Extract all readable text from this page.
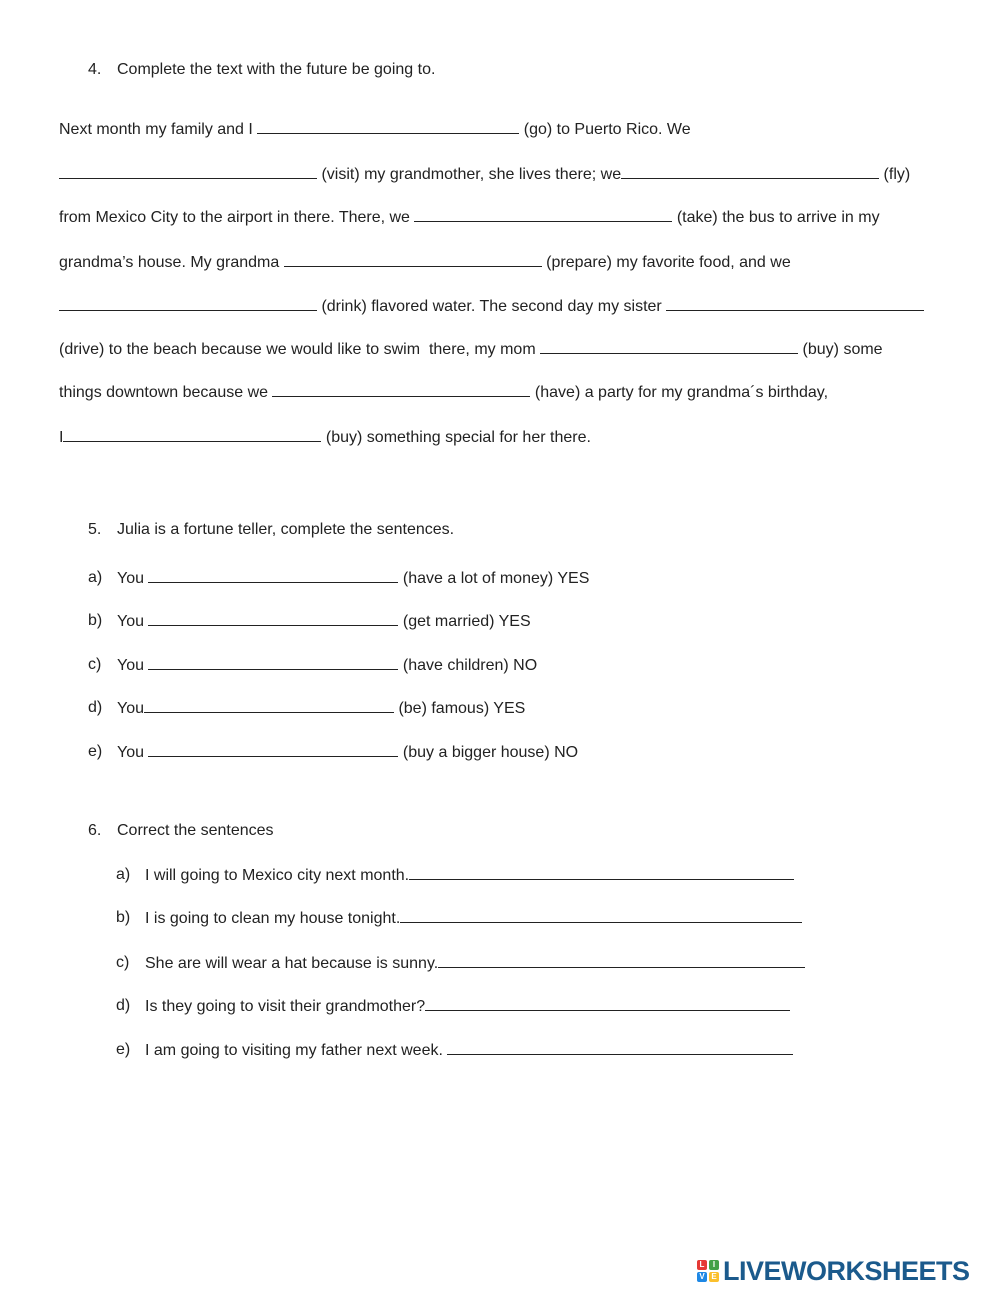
4. Complete the text with the future be going to.
Next month my family and I	(go) to Puerto Rico. We
(visit) my grandmother, she lives there; we	(fly)
from Mexico City to the airport in there. There, we	(take) the bus to arrive in my
grandma’s house. My grandma	(prepare) my favorite food, and we
(drink) flavored water. The second day my sister
(drive) to the beach because we would like to swim  there, my mom	(buy) some
things downtown because we	(have) a party for my grandma´s birthday,
I	(buy) something special for her there.
5. Julia is a fortune teller, complete the sentences.
a) You	(have a lot of money) YES
b) You	(get married) YES
c) You	(have children) NO
d) You	(be) famous) YES
e) You	(buy a bigger house) NO
6. Correct the sentences
a) I will going to Mexico city next month.
b) I is going to clean my house tonight.
c) She are will wear a hat because is sunny.
d) Is they going to visit their grandmother?
e) I am going to visiting my father next week.
L	I
V E LIVEWORKSHEETS
